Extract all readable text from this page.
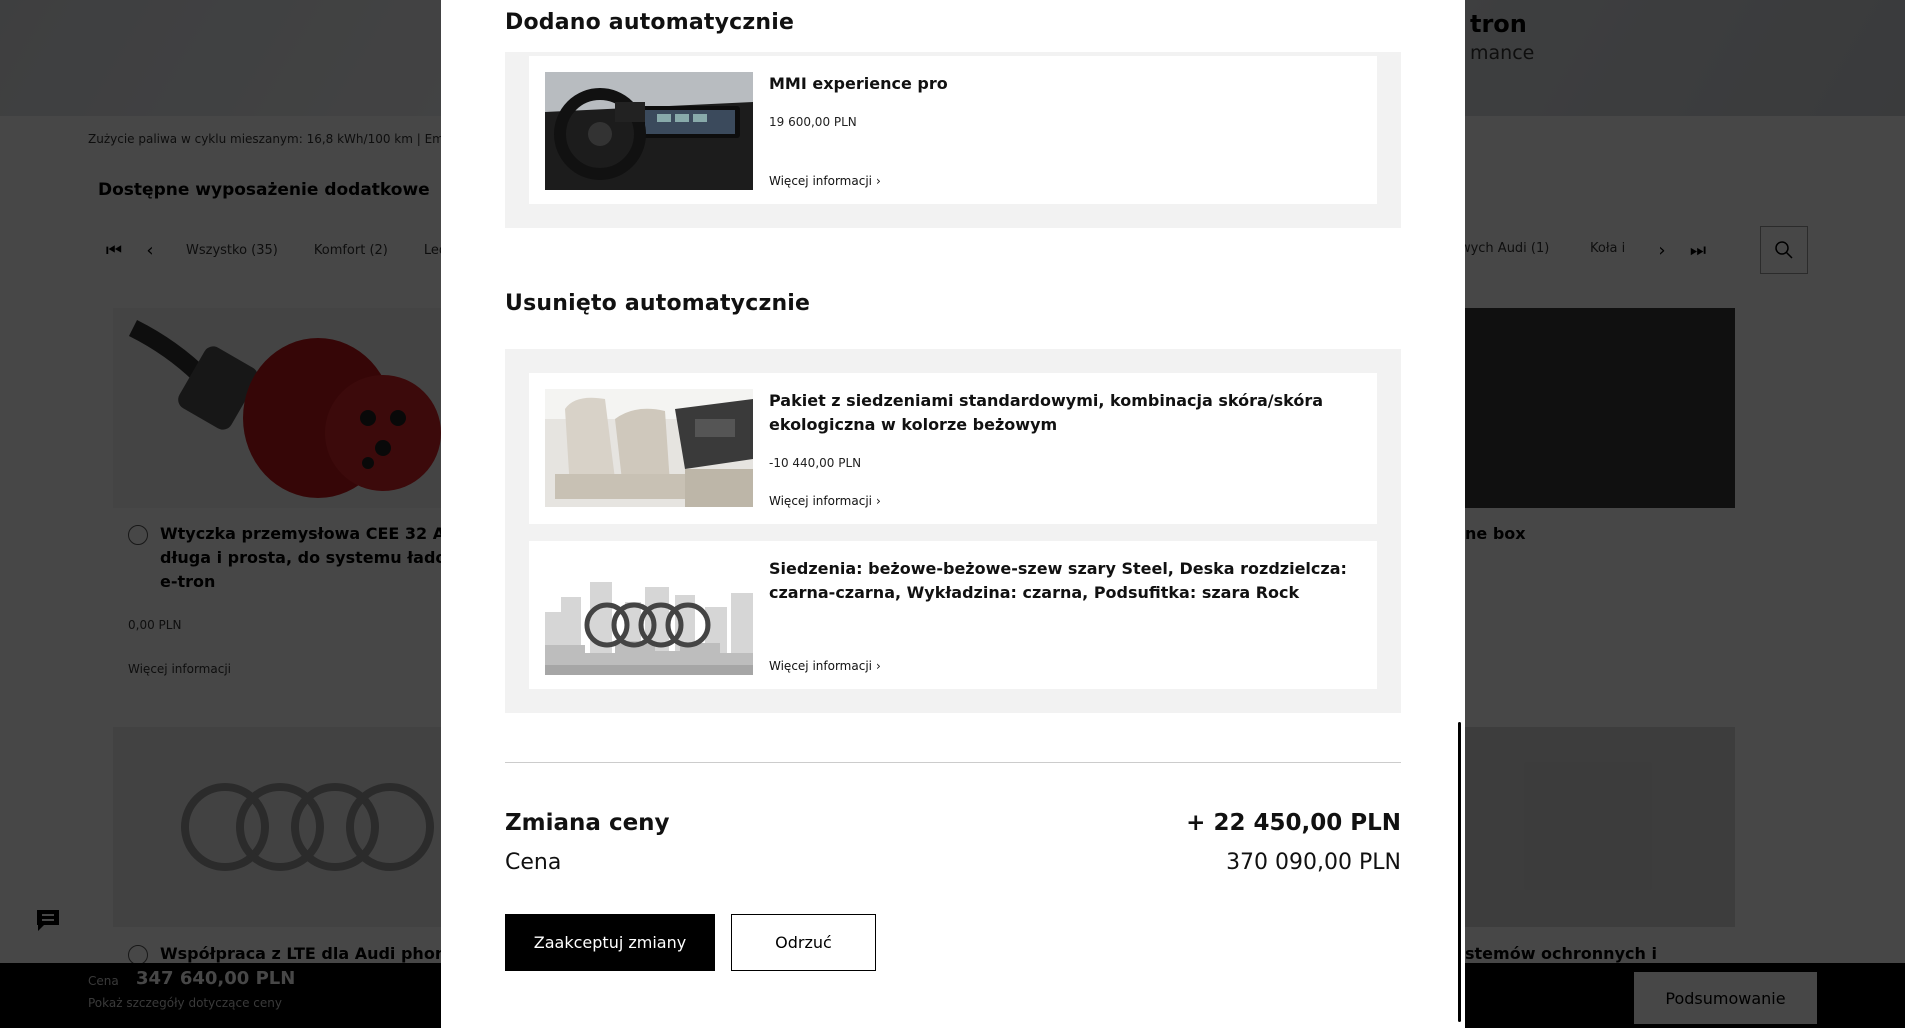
Dodano automatycznie
MMI experience pro
19 600,00 PLN
Więcej informacji ›
Usunięto automatycznie
Pakiet z siedzeniami standardowymi, kombinacja skóra/skóra ekologiczna w kolorze beżowym
-10 440,00 PLN
Więcej informacji ›
Siedzenia: beżowe-beżowe-szew szary Steel, Deska rozdzielcza: czarna-czarna, Wykładzina: czarna, Podsufitka: szara Rock
Więcej informacji ›
Zmiana ceny	+ 22 450,00 PLN
Cena	370 090,00 PLN
Zaakceptuj zmiany	Odrzuć
